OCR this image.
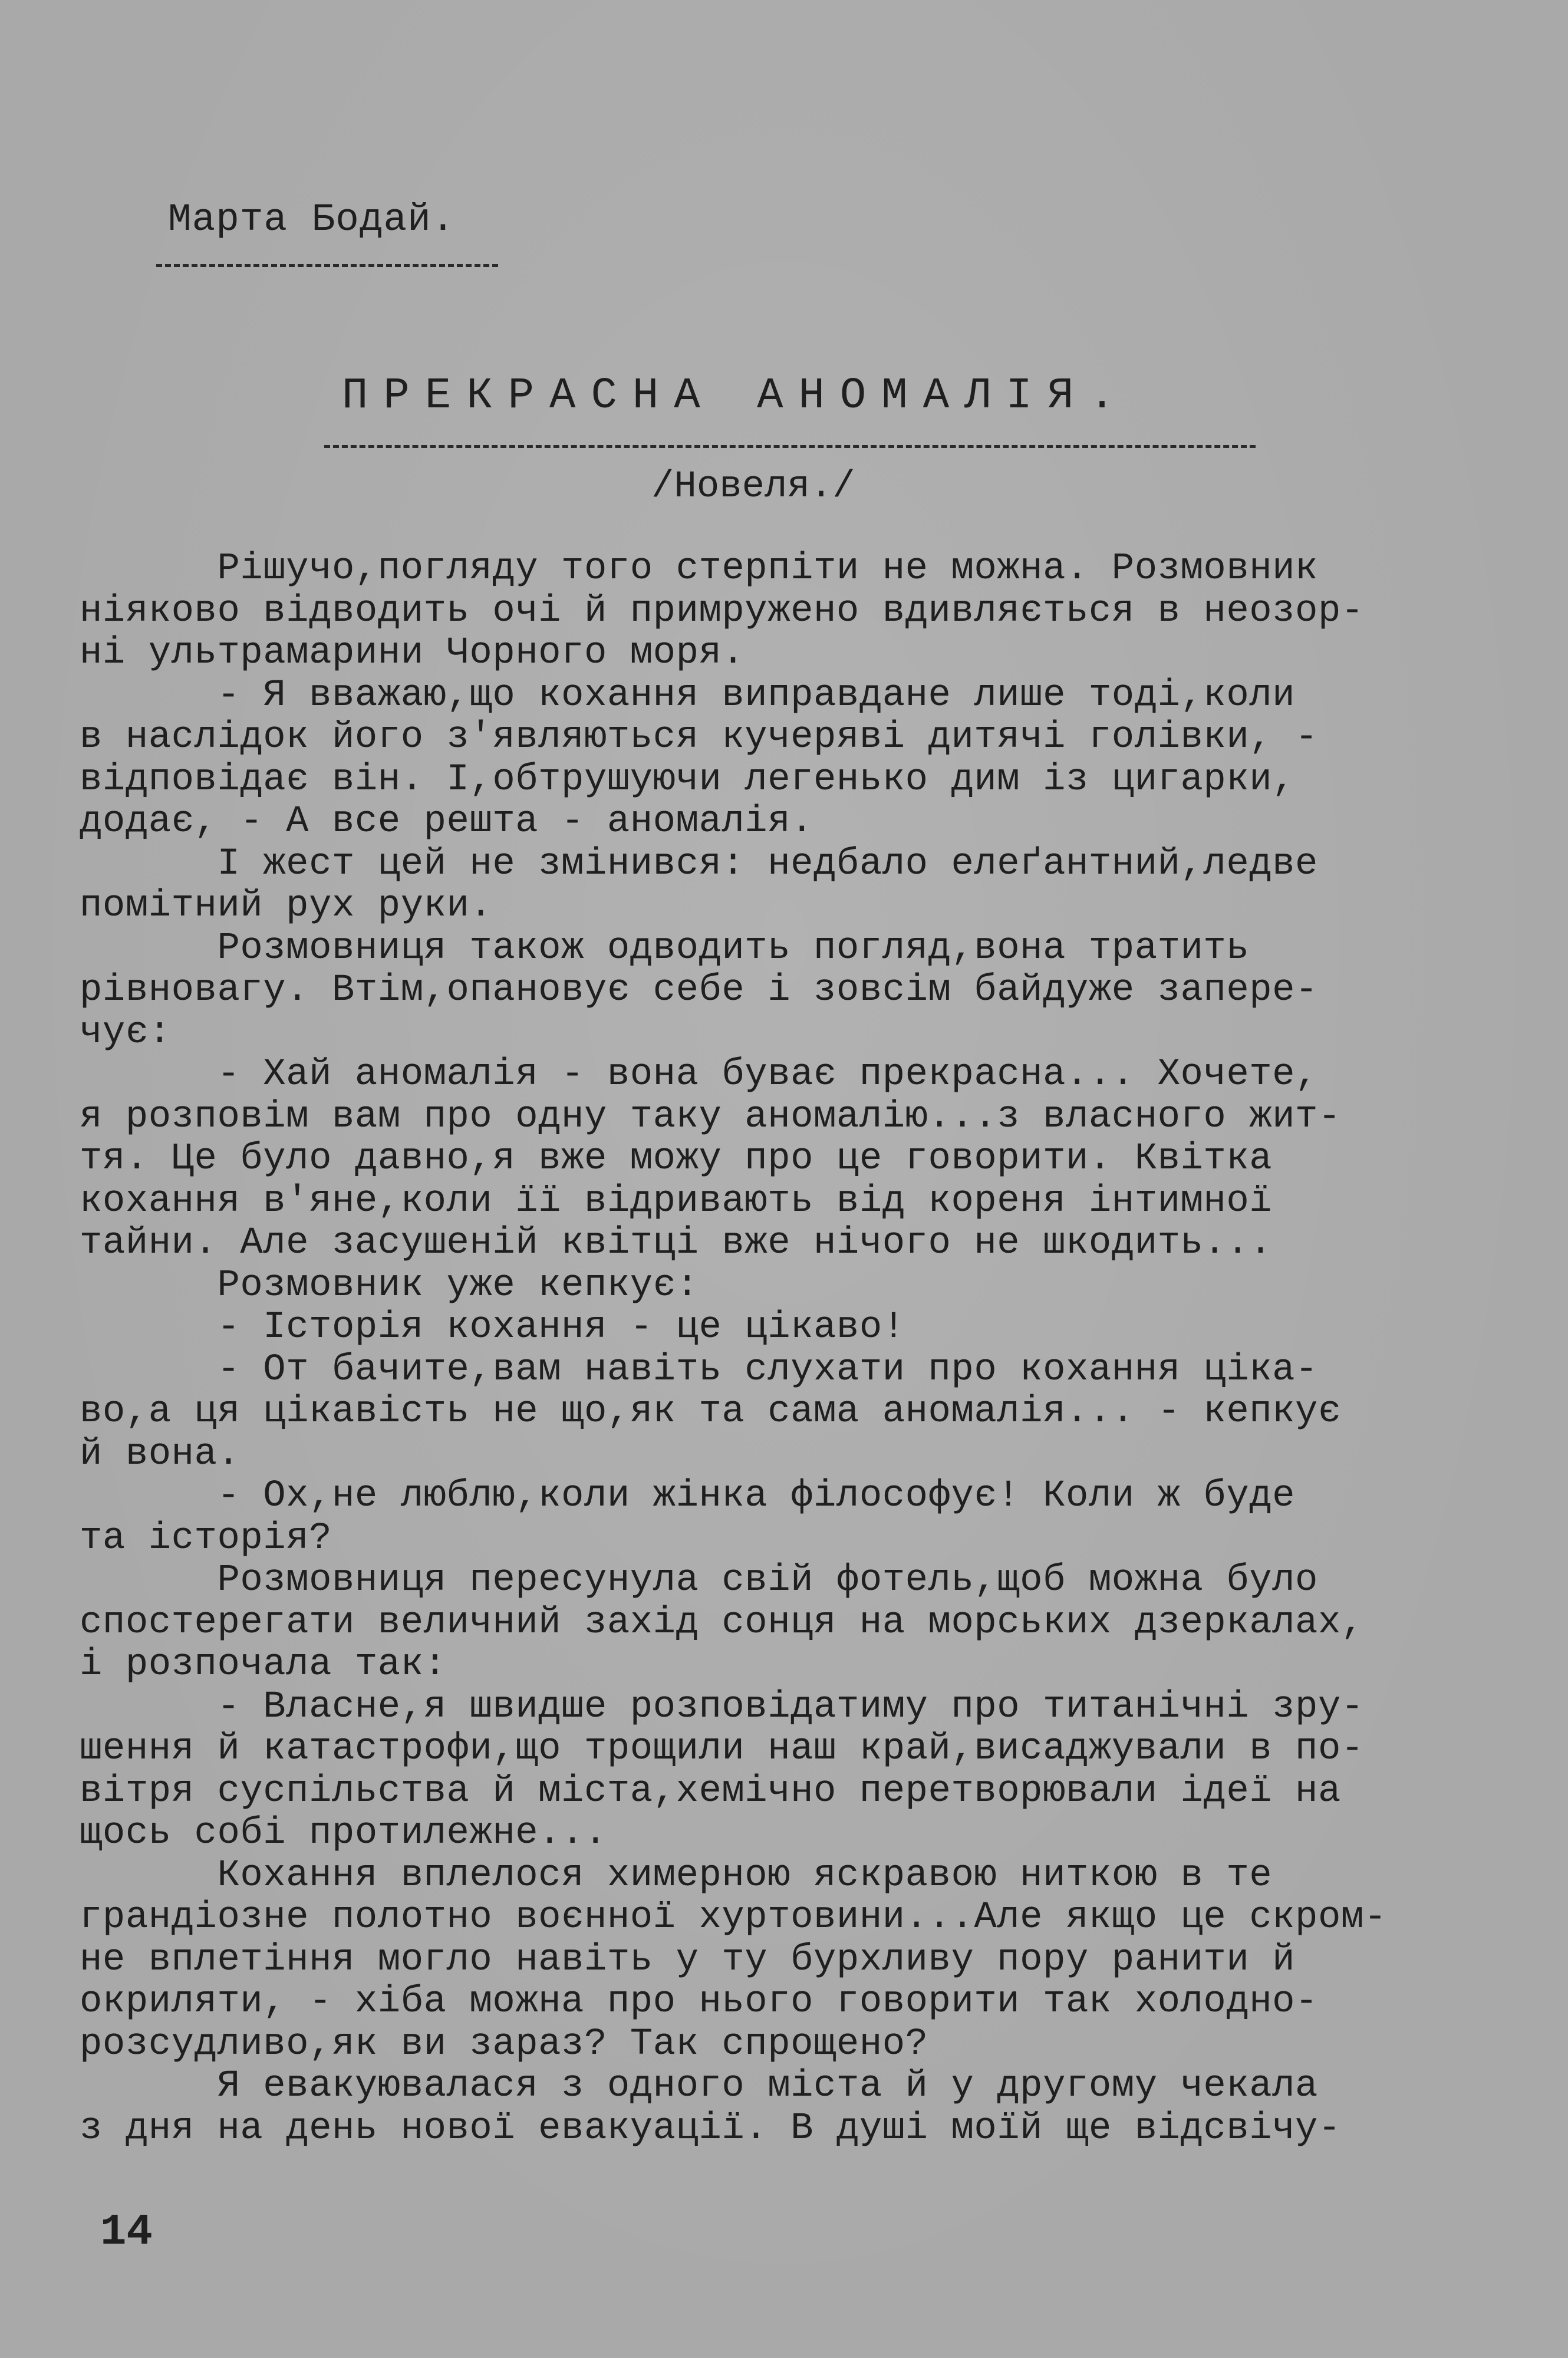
Марта Бодай.
ПРЕКРАСНА АНОМАЛІЯ.
/Новеля./
Рішучо,погляду того стерпіти не можна. Розмовник
ніяково відводить очі й примружено вдивляється в неозор-
ні ультрамарини Чорного моря.
- Я вважаю,що кохання виправдане лише тоді,коли
в наслідок його з'являються кучеряві дитячі голівки, -
відповідає він. І,обтрушуючи легенько дим із цигарки,
додає, - А все решта - аномалія.
І жест цей не змінився: недбало елеґантний,ледве
помітний рух руки.
Розмовниця також одводить погляд,вона тратить
рівновагу. Втім,опановує себе і зовсім байдуже запере-
чує:
- Хай аномалія - вона буває прекрасна... Хочете,
я розповім вам про одну таку аномалію...з власного жит-
тя. Це було давно,я вже можу про це говорити. Квітка
кохання в'яне,коли її відривають від кореня інтимної
тайни. Але засушеній квітці вже нічого не шкодить...
Розмовник уже кепкує:
- Історія кохання - це цікаво!
- От бачите,вам навіть слухати про кохання ціка-
во,а ця цікавість не що,як та сама аномалія... - кепкує
й вона.
- Ох,не люблю,коли жінка філософує! Коли ж буде
та історія?
Розмовниця пересунула свій фотель,щоб можна було
спостерегати величний захід сонця на морських дзеркалах,
і розпочала так:
- Власне,я швидше розповідатиму про титанічні зру-
шення й катастрофи,що трощили наш край,висаджували в по-
вітря суспільства й міста,хемічно перетворювали ідеї на
щось собі протилежне...
Кохання вплелося химерною яскравою ниткою в те
грандіозне полотно воєнної хуртовини...Але якщо це скром-
не вплетіння могло навіть у ту бурхливу пору ранити й
окриляти, - хіба можна про нього говорити так холодно-
розсудливо,як ви зараз? Так спрощено?
Я евакуювалася з одного міста й у другому чекала
з дня на день нової евакуації. В душі моїй ще відсвічу-
14
